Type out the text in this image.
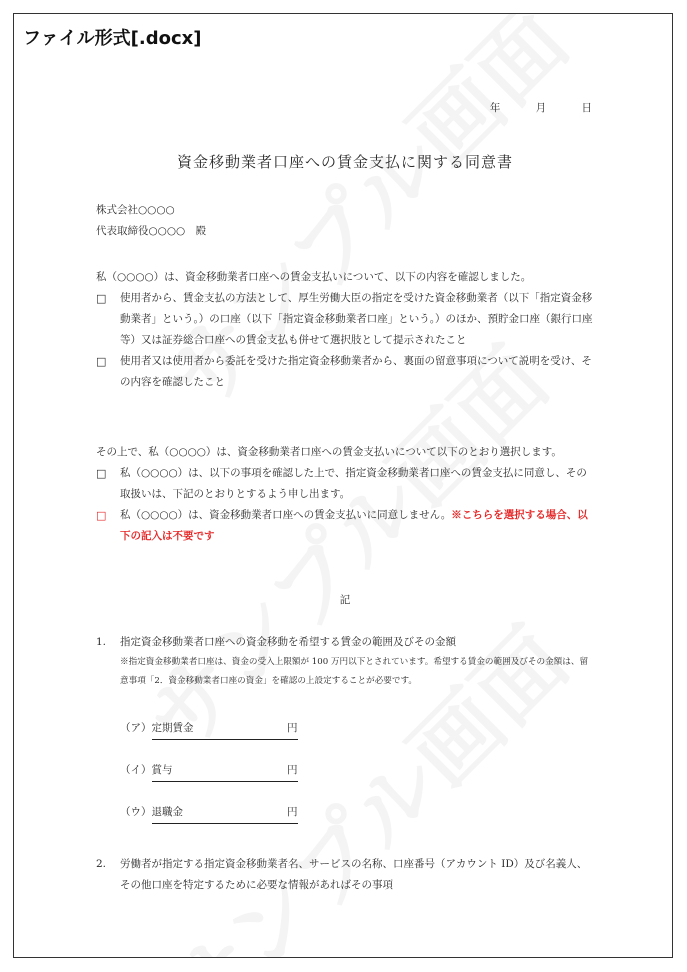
ファイル形式[.docx]
年	月	日
資金移動業者口座への賃金支払に関する同意書
株式会社○○○○
代表取締役○○○○　殿
私（○○○○）は、資金移動業者口座への賃金支払いについて、以下の内容を確認しました。
□	使用者から、賃金支払の方法として、厚生労働大臣の指定を受けた資金移動業者（以下「指定資金移動業者」という。）の口座（以下「指定資金移動業者口座」という。）のほか、預貯金口座（銀行口座等）又は証券総合口座への賃金支払も併せて選択肢として提示されたこと
□	使用者又は使用者から委託を受けた指定資金移動業者から、裏面の留意事項について説明を受け、その内容を確認したこと
その上で、私（○○○○）は、資金移動業者口座への賃金支払いについて以下のとおり選択します。
□	私（○○○○）は、以下の事項を確認した上で、指定資金移動業者口座への賃金支払に同意し、その取扱いは、下記のとおりとするよう申し出ます。
□	私（○○○○）は、資金移動業者口座への賃金支払いに同意しません。※こちらを選択する場合、以下の記入は不要です
記
1.	指定資金移動業者口座への資金移動を希望する賃金の範囲及びその金額
※指定資金移動業者口座は、資金の受入上限額が 100 万円以下とされています。希望する賃金の範囲及びその金額は、留意事項「2．資金移動業者口座の資金」を確認の上設定することが必要です。
（ア）定期賃金	円
（イ）賞与	円
（ウ）退職金	円
2.	労働者が指定する指定資金移動業者名、サービスの名称、口座番号（アカウント ID）及び名義人、その他口座を特定するために必要な情報があればその事項
